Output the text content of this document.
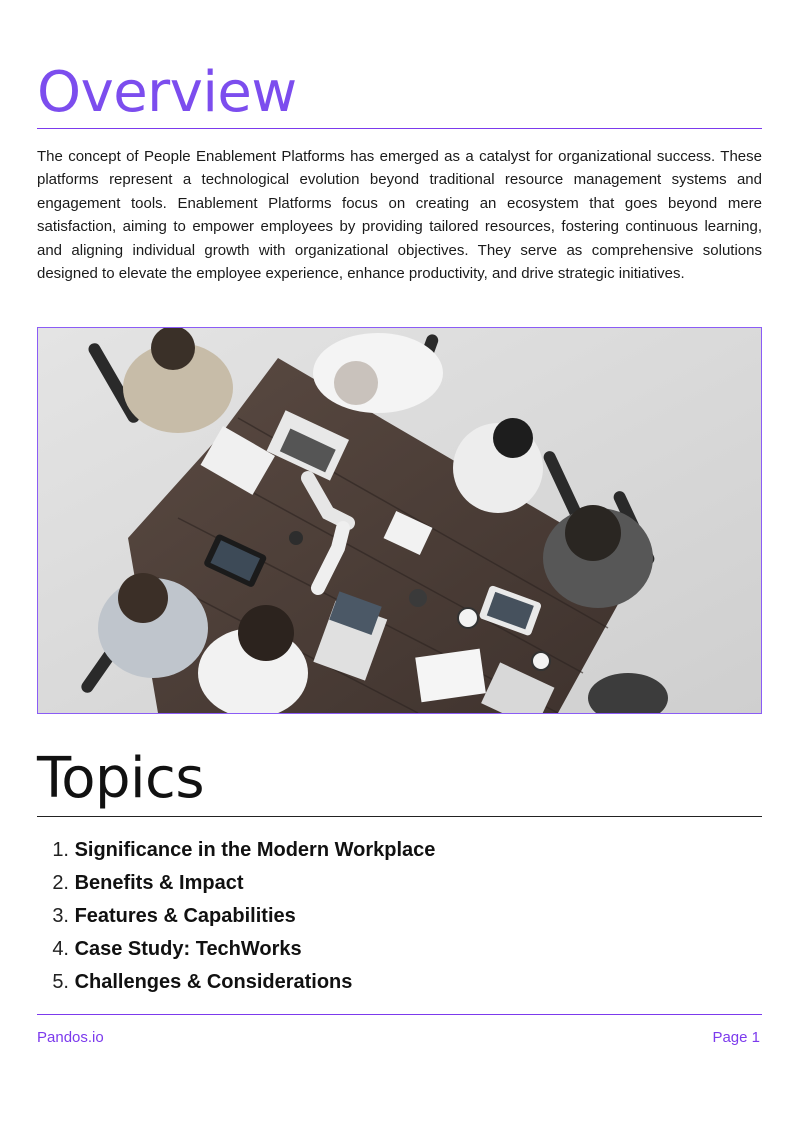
Overview

The concept of People Enablement Platforms has emerged as a catalyst for organizational success. These platforms represent a technological evolution beyond traditional resource management systems and engagement tools. Enablement Platforms focus on creating an ecosystem that goes beyond mere satisfaction, aiming to empower employees by providing tailored resources, fostering continuous learning, and aligning individual growth with organizational objectives. They serve as comprehensive solutions designed to elevate the employee experience, enhance productivity, and drive strategic initiatives.

Topics
1. Significance in the Modern Workplace
2. Benefits & Impact
3. Features & Capabilities
4. Case Study: TechWorks
5. Challenges & Considerations
Pandos.io	Page 1
